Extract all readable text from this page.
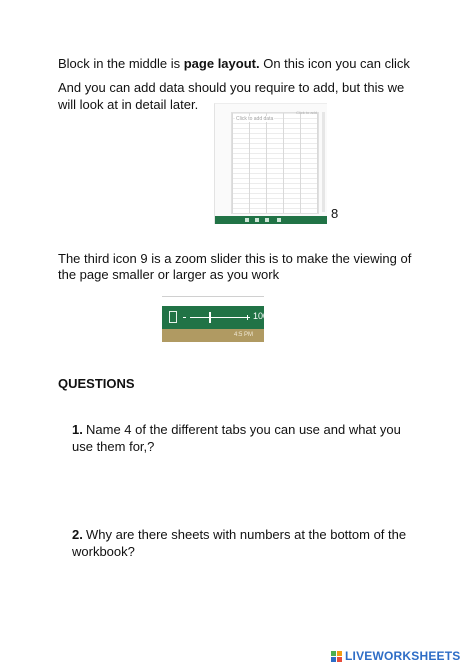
Block in the middle is page layout. On this icon you can click
And you can add data should you require to add, but this we
will look at in detail later.
Click to add data
Click to add
8
The third icon 9 is a zoom slider this is to make the viewing of
the page smaller or larger as you work
100
4:5 PM
QUESTIONS
1. Name 4 of the different tabs you can use and what you
use them for,?
2. Why are there sheets with numbers at the bottom of the
workbook?
LIVEWORKSHEETS
